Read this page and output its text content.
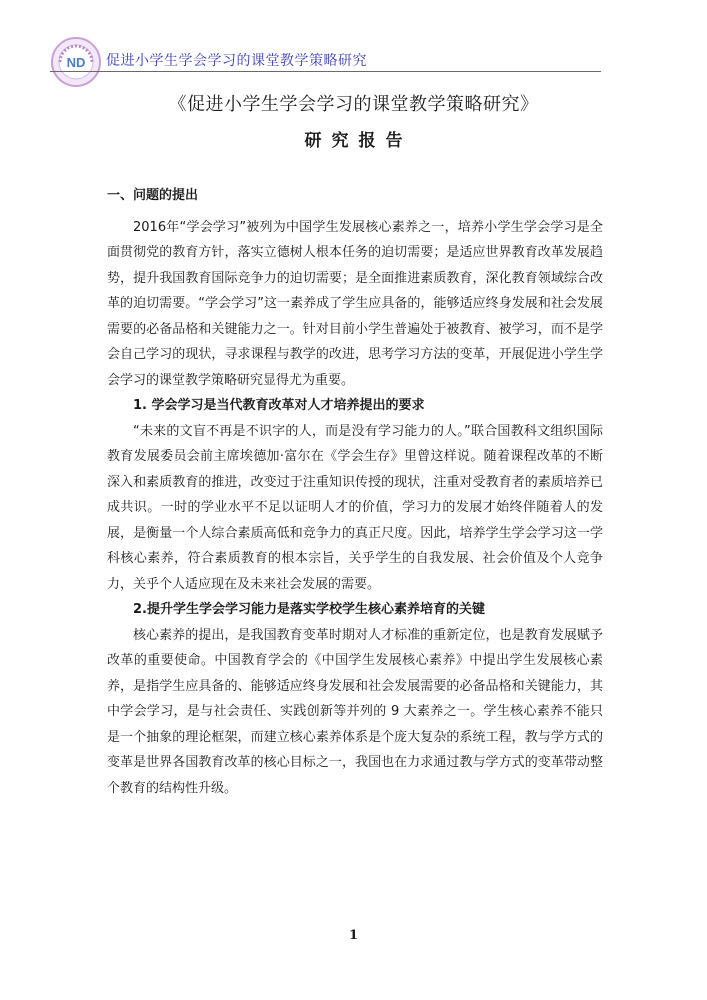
ND 促进小学生学会学习的课堂教学策略研究
《促进小学生学会学习的课堂教学策略研究》
研究报告

一、问题的提出

2016年“学会学习”被列为中国学生发展核心素养之一，培养小学生学会学习是全面贯彻党的教育方针，落实立德树人根本任务的迫切需要；是适应世界教育改革发展趋势，提升我国教育国际竞争力的迫切需要；是全面推进素质教育，深化教育领域综合改革的迫切需要。“学会学习”这一素养成了学生应具备的，能够适应终身发展和社会发展需要的必备品格和关键能力之一。针对目前小学生普遍处于被教育、被学习，而不是学会自己学习的现状，寻求课程与教学的改进，思考学习方法的变革，开展促进小学生学会学习的课堂教学策略研究显得尤为重要。

1. 学会学习是当代教育改革对人才培养提出的要求

“未来的文盲不再是不识字的人，而是没有学习能力的人。”联合国教科文组织国际教育发展委员会前主席埃德加·富尔在《学会生存》里曾这样说。随着课程改革的不断深入和素质教育的推进，改变过于注重知识传授的现状，注重对受教育者的素质培养已成共识。一时的学业水平不足以证明人才的价值，学习力的发展才始终伴随着人的发展，是衡量一个人综合素质高低和竞争力的真正尺度。因此，培养学生学会学习这一学科核心素养，符合素质教育的根本宗旨，关乎学生的自我发展、社会价值及个人竞争力，关乎个人适应现在及未来社会发展的需要。

2.提升学生学会学习能力是落实学校学生核心素养培育的关键

核心素养的提出，是我国教育变革时期对人才标准的重新定位，也是教育发展赋予改革的重要使命。中国教育学会的《中国学生发展核心素养》中提出学生发展核心素养，是指学生应具备的、能够适应终身发展和社会发展需要的必备品格和关键能力，其中学会学习，是与社会责任、实践创新等并列的 9 大素养之一。学生核心素养不能只是一个抽象的理论框架，而建立核心素养体系是个庞大复杂的系统工程，教与学方式的变革是世界各国教育改革的核心目标之一，我国也在力求通过教与学方式的变革带动整个教育的结构性升级。

1
